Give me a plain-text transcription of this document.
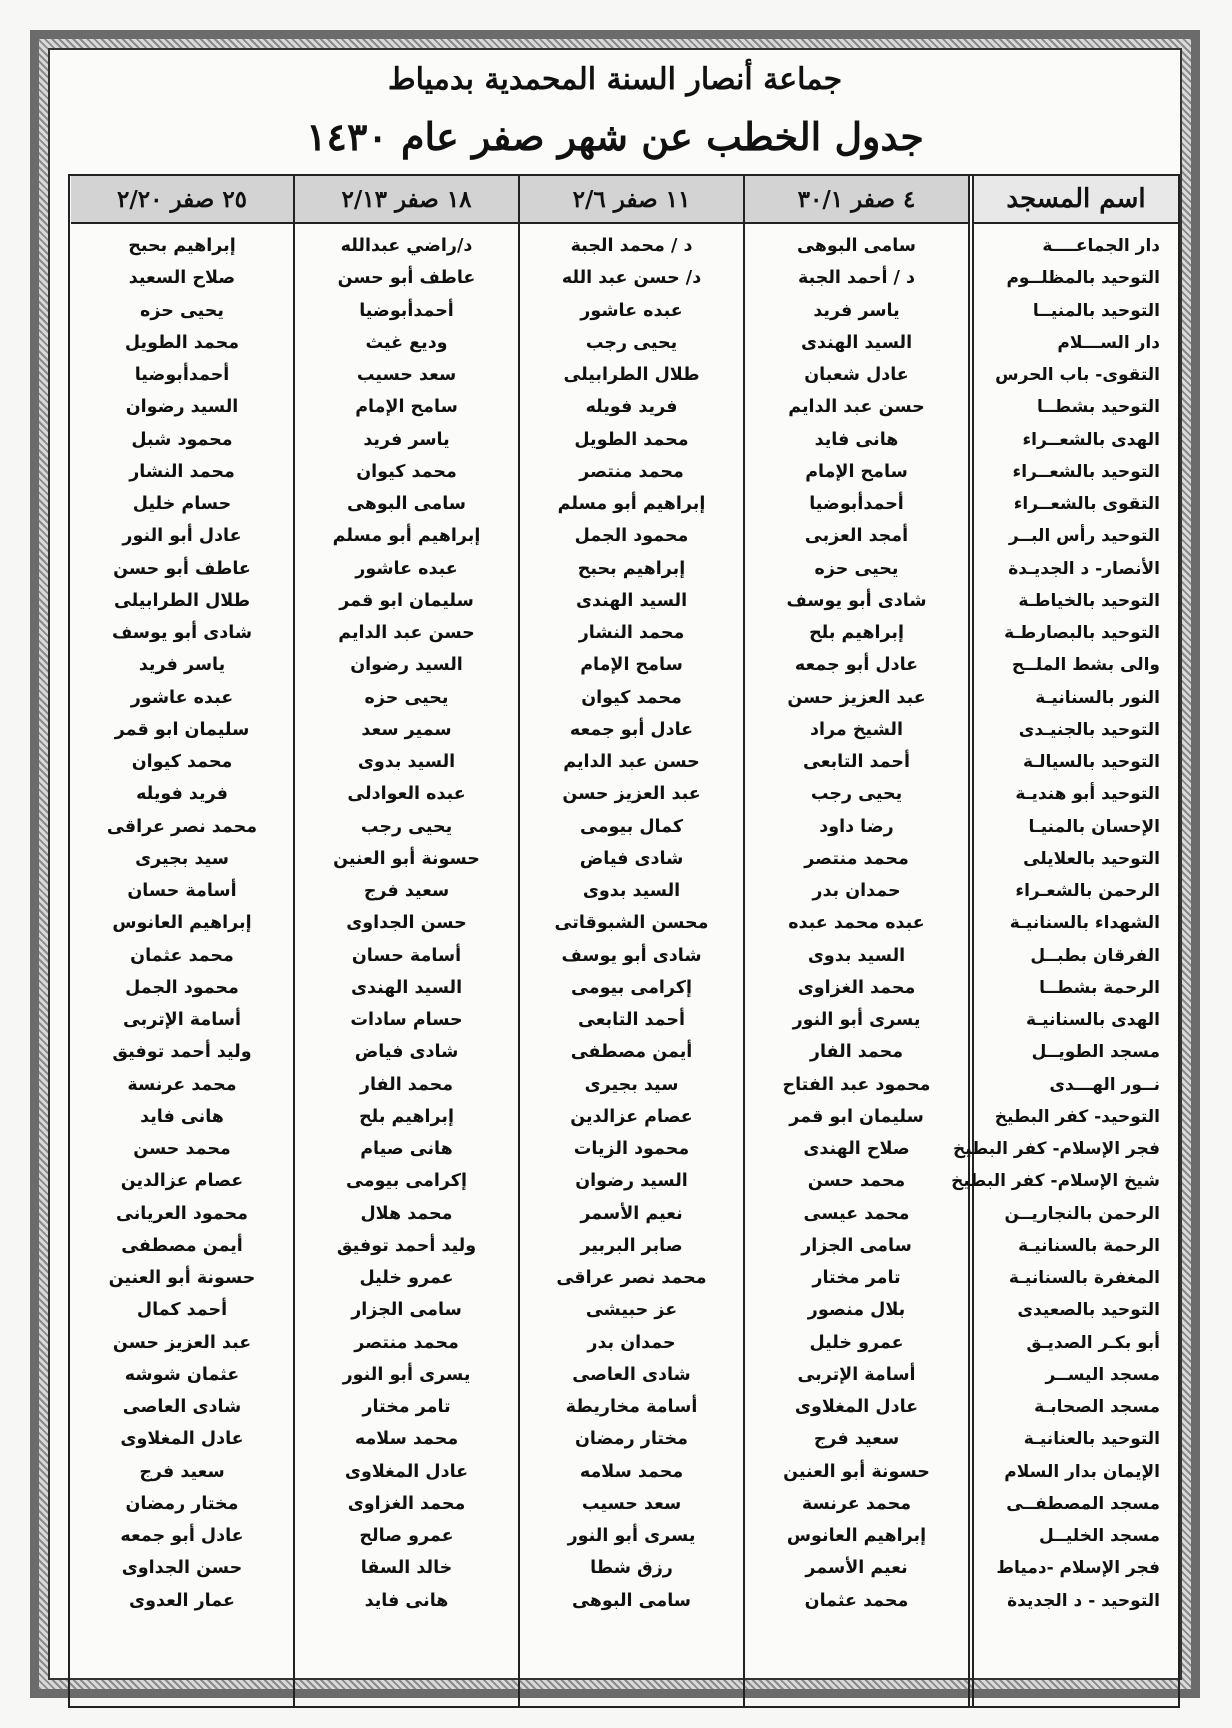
جماعة أنصار السنة المحمدية بدمياط
جدول الخطب عن شهر صفر عام ١٤٣٠
اسم المسجد
دار الجماعــــة
التوحيد بالمظلــوم
التوحيد بالمنيــا
دار الســـلام
التقوى- باب الحرس
التوحيد بشطــا
الهدى بالشعــراء
التوحيد بالشعــراء
التقوى بالشعــراء
التوحيد رأس البــر
الأنصار- د الجديـدة
التوحيد بالخياطـة
التوحيد بالبصارطـة
والى بشط الملــح
النور بالسنانيـة
التوحيد بالجنيـدى
التوحيد بالسيالـة
التوحيد أبو هنديـة
الإحسان بالمنيـا
التوحيد بالعلايلى
الرحمن بالشعـراء
الشهداء بالسنانيـة
الفرقان بطبــل
الرحمة بشطــا
الهدى بالسنانيـة
مسجد الطويــل
نــور الهـــدى
التوحيد- كفر البطيخ
فجر الإسلام- كفر البطيخ
شيخ الإسلام- كفر البطيخ
الرحمن بالنجاريــن
الرحمة بالسنانيـة
المغفرة بالسنانيـة
التوحيد بالصعيدى
أبو بكـر الصديـق
مسجد اليســر
مسجد الصحابـة
التوحيد بالعنانيـة
الإيمان بدار السلام
مسجد المصطفــى
مسجد الخليــل
فجر الإسلام -دمياط
التوحيد - د الجديدة
٤ صفر ٣٠/١
سامى البوهى
د / أحمد الجبة
ياسر فريد
السيد الهندى
عادل شعبان
حسن عبد الدايم
هانى فايد
سامح الإمام
أحمدأبوضيا
أمجد العزبى
يحيى حزه
شادى أبو يوسف
إبراهيم بلح
عادل أبو جمعه
عبد العزيز حسن
الشيخ مراد
أحمد التابعى
يحيى رجب
رضا داود
محمد منتصر
حمدان بدر
عبده محمد عبده
السيد بدوى
محمد الغزاوى
يسرى أبو النور
محمد الفار
محمود عبد الفتاح
سليمان ابو قمر
صلاح الهندى
محمد حسن
محمد عيسى
سامى الجزار
تامر مختار
بلال منصور
عمرو خليل
أسامة الإتربى
عادل المغلاوى
سعيد فرج
حسونة أبو العنين
محمد عرنسة
إبراهيم العانوس
نعيم الأسمر
محمد عثمان
١١ صفر ٢/٦
د / محمد الجبة
د/ حسن عبد الله
عبده عاشور
يحيى رجب
طلال الطرابيلى
فريد فويله
محمد الطويل
محمد منتصر
إبراهيم أبو مسلم
محمود الجمل
إبراهيم بحبح
السيد الهندى
محمد النشار
سامح الإمام
محمد كيوان
عادل أبو جمعه
حسن عبد الدايم
عبد العزيز حسن
كمال بيومى
شادى فياض
السيد بدوى
محسن الشبوقاتى
شادى أبو يوسف
إكرامى بيومى
أحمد التابعى
أيمن مصطفى
سيد بجيرى
عصام عزالدين
محمود الزيات
السيد رضوان
نعيم الأسمر
صابر البربير
محمد نصر عراقى
عز حبيشى
حمدان بدر
شادى العاصى
أسامة مخاريطة
مختار رمضان
محمد سلامه
سعد حسيب
يسرى أبو النور
رزق شطا
سامى البوهى
١٨ صفر ٢/١٣
د/راضي عبدالله
عاطف أبو حسن
أحمدأبوضيا
وديع غيث
سعد حسيب
سامح الإمام
ياسر فريد
محمد كيوان
سامى البوهى
إبراهيم أبو مسلم
عبده عاشور
سليمان ابو قمر
حسن عبد الدايم
السيد رضوان
يحيى حزه
سمير سعد
السيد بدوى
عبده العوادلى
يحيى رجب
حسونة أبو العنين
سعيد فرج
حسن الجداوى
أسامة حسان
السيد الهندى
حسام سادات
شادى فياض
محمد الفار
إبراهيم بلح
هانى صيام
إكرامى بيومى
محمد هلال
وليد أحمد توفيق
عمرو خليل
سامى الجزار
محمد منتصر
يسرى أبو النور
تامر مختار
محمد سلامه
عادل المغلاوى
محمد الغزاوى
عمرو صالح
خالد السقا
هانى فايد
٢٥ صفر ٢/٢٠
إبراهيم بحبح
صلاح السعيد
يحيى حزه
محمد الطويل
أحمدأبوضيا
السيد رضوان
محمود شبل
محمد النشار
حسام خليل
عادل أبو النور
عاطف أبو حسن
طلال الطرابيلى
شادى أبو يوسف
ياسر فريد
عبده عاشور
سليمان ابو قمر
محمد كيوان
فريد فويله
محمد نصر عراقى
سيد بجيرى
أسامة حسان
إبراهيم العانوس
محمد عثمان
محمود الجمل
أسامة الإتربى
وليد أحمد توفيق
محمد عرنسة
هانى فايد
محمد حسن
عصام عزالدين
محمود العريانى
أيمن مصطفى
حسونة أبو العنين
أحمد كمال
عبد العزيز حسن
عثمان شوشه
شادى العاصى
عادل المغلاوى
سعيد فرج
مختار رمضان
عادل أبو جمعه
حسن الجداوى
عمار العدوى
